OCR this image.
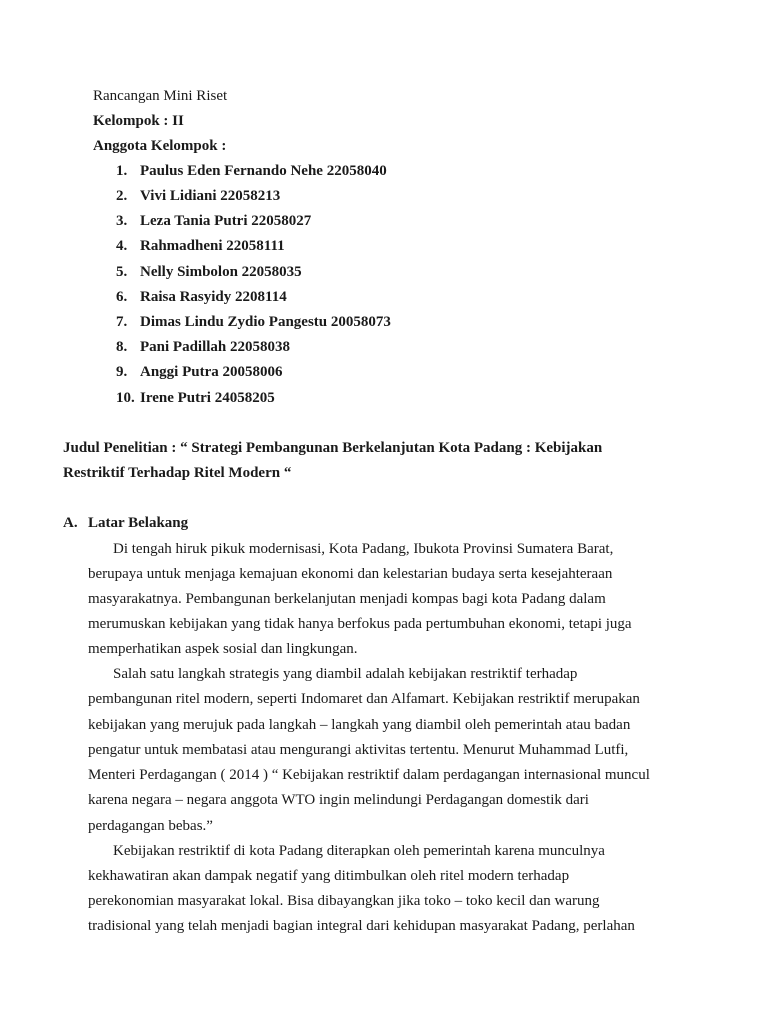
Rancangan Mini Riset
Kelompok : II
Anggota Kelompok :
1. Paulus Eden Fernando Nehe 22058040
2. Vivi Lidiani 22058213
3. Leza Tania Putri 22058027
4. Rahmadheni 22058111
5. Nelly Simbolon 22058035
6. Raisa Rasyidy 2208114
7. Dimas Lindu Zydio Pangestu 20058073
8. Pani Padillah 22058038
9. Anggi Putra 20058006
10. Irene Putri 24058205
Judul Penelitian : “ Strategi Pembangunan Berkelanjutan Kota Padang : Kebijakan
Restriktif Terhadap Ritel Modern “
A. Latar Belakang
Di tengah hiruk pikuk modernisasi, Kota Padang, Ibukota Provinsi Sumatera Barat,
berupaya untuk menjaga kemajuan ekonomi dan kelestarian budaya serta kesejahteraan
masyarakatnya. Pembangunan berkelanjutan menjadi kompas bagi kota Padang dalam
merumuskan kebijakan yang tidak hanya berfokus pada pertumbuhan ekonomi, tetapi juga
memperhatikan aspek sosial dan lingkungan.
Salah satu langkah strategis yang diambil adalah kebijakan restriktif terhadap
pembangunan ritel modern, seperti Indomaret dan Alfamart. Kebijakan restriktif merupakan
kebijakan yang merujuk pada langkah – langkah yang diambil oleh pemerintah atau badan
pengatur untuk membatasi atau mengurangi aktivitas tertentu. Menurut Muhammad Lutfi,
Menteri Perdagangan ( 2014 ) “ Kebijakan restriktif dalam perdagangan internasional muncul
karena negara – negara anggota WTO ingin melindungi Perdagangan domestik dari
perdagangan bebas.”
Kebijakan restriktif di kota Padang diterapkan oleh pemerintah karena munculnya
kekhawatiran akan dampak negatif yang ditimbulkan oleh ritel modern terhadap
perekonomian masyarakat lokal. Bisa dibayangkan jika toko – toko kecil dan warung
tradisional yang telah menjadi bagian integral dari kehidupan masyarakat Padang, perlahan
